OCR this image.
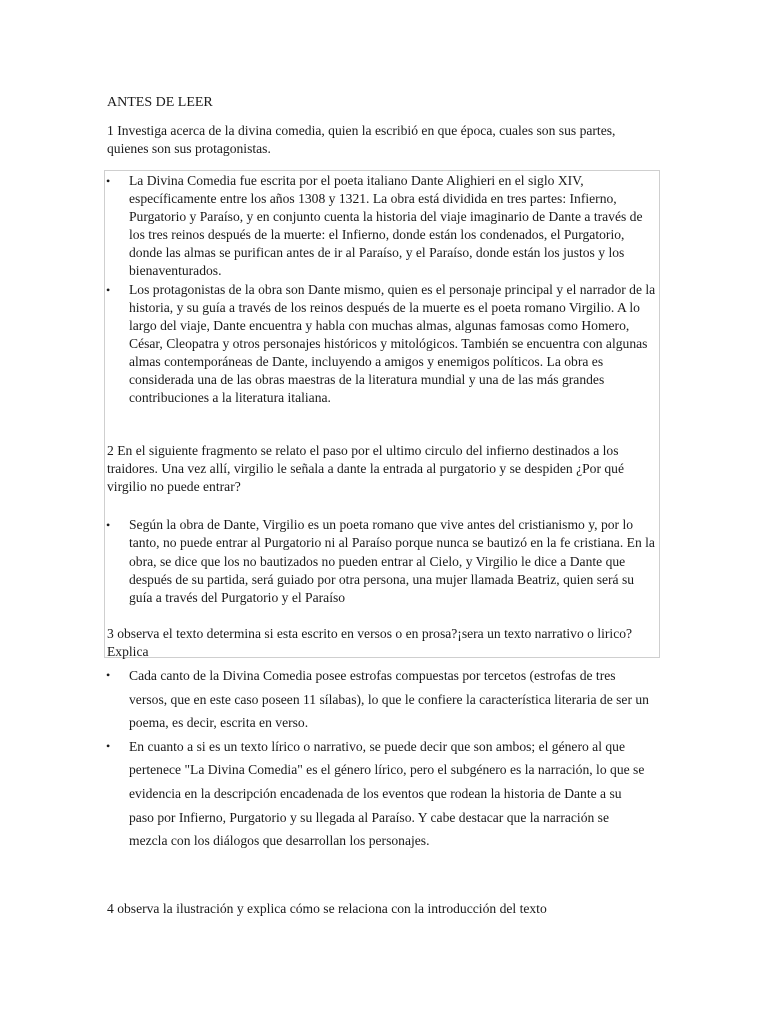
ANTES DE LEER
1 Investiga acerca de la divina comedia, quien la escribió en que época, cuales son sus partes, quienes son sus protagonistas.
• La Divina Comedia fue escrita por el poeta italiano Dante Alighieri en el siglo XIV, específicamente entre los años 1308 y 1321. La obra está dividida en tres partes: Infierno, Purgatorio y Paraíso, y en conjunto cuenta la historia del viaje imaginario de Dante a través de los tres reinos después de la muerte: el Infierno, donde están los condenados, el Purgatorio, donde las almas se purifican antes de ir al Paraíso, y el Paraíso, donde están los justos y los bienaventurados.
• Los protagonistas de la obra son Dante mismo, quien es el personaje principal y el narrador de la historia, y su guía a través de los reinos después de la muerte es el poeta romano Virgilio. A lo largo del viaje, Dante encuentra y habla con muchas almas, algunas famosas como Homero, César, Cleopatra y otros personajes históricos y mitológicos. También se encuentra con algunas almas contemporáneas de Dante, incluyendo a amigos y enemigos políticos. La obra es considerada una de las obras maestras de la literatura mundial y una de las más grandes contribuciones a la literatura italiana.
2 En el siguiente fragmento se relato el paso por el ultimo circulo del infierno destinados a los traidores. Una vez allí, virgilio le señala a dante la entrada al purgatorio y se despiden ¿Por qué virgilio no puede entrar?
• Según la obra de Dante, Virgilio es un poeta romano que vive antes del cristianismo y, por lo tanto, no puede entrar al Purgatorio ni al Paraíso porque nunca se bautizó en la fe cristiana. En la obra, se dice que los no bautizados no pueden entrar al Cielo, y Virgilio le dice a Dante que después de su partida, será guiado por otra persona, una mujer llamada Beatriz, quien será su guía a través del Purgatorio y el Paraíso
3 observa el texto determina si esta escrito en versos o en prosa?¡sera un texto narrativo o lirico? Explica
• Cada canto de la Divina Comedia posee estrofas compuestas por tercetos (estrofas de tres versos, que en este caso poseen 11 sílabas), lo que le confiere la característica literaria de ser un poema, es decir, escrita en verso.
• En cuanto a si es un texto lírico o narrativo, se puede decir que son ambos; el género al que pertenece "La Divina Comedia" es el género lírico, pero el subgénero es la narración, lo que se evidencia en la descripción encadenada de los eventos que rodean la historia de Dante a su paso por Infierno, Purgatorio y su llegada al Paraíso. Y cabe destacar que la narración se mezcla con los diálogos que desarrollan los personajes.
4 observa la ilustración y explica cómo se relaciona con la introducción del texto
